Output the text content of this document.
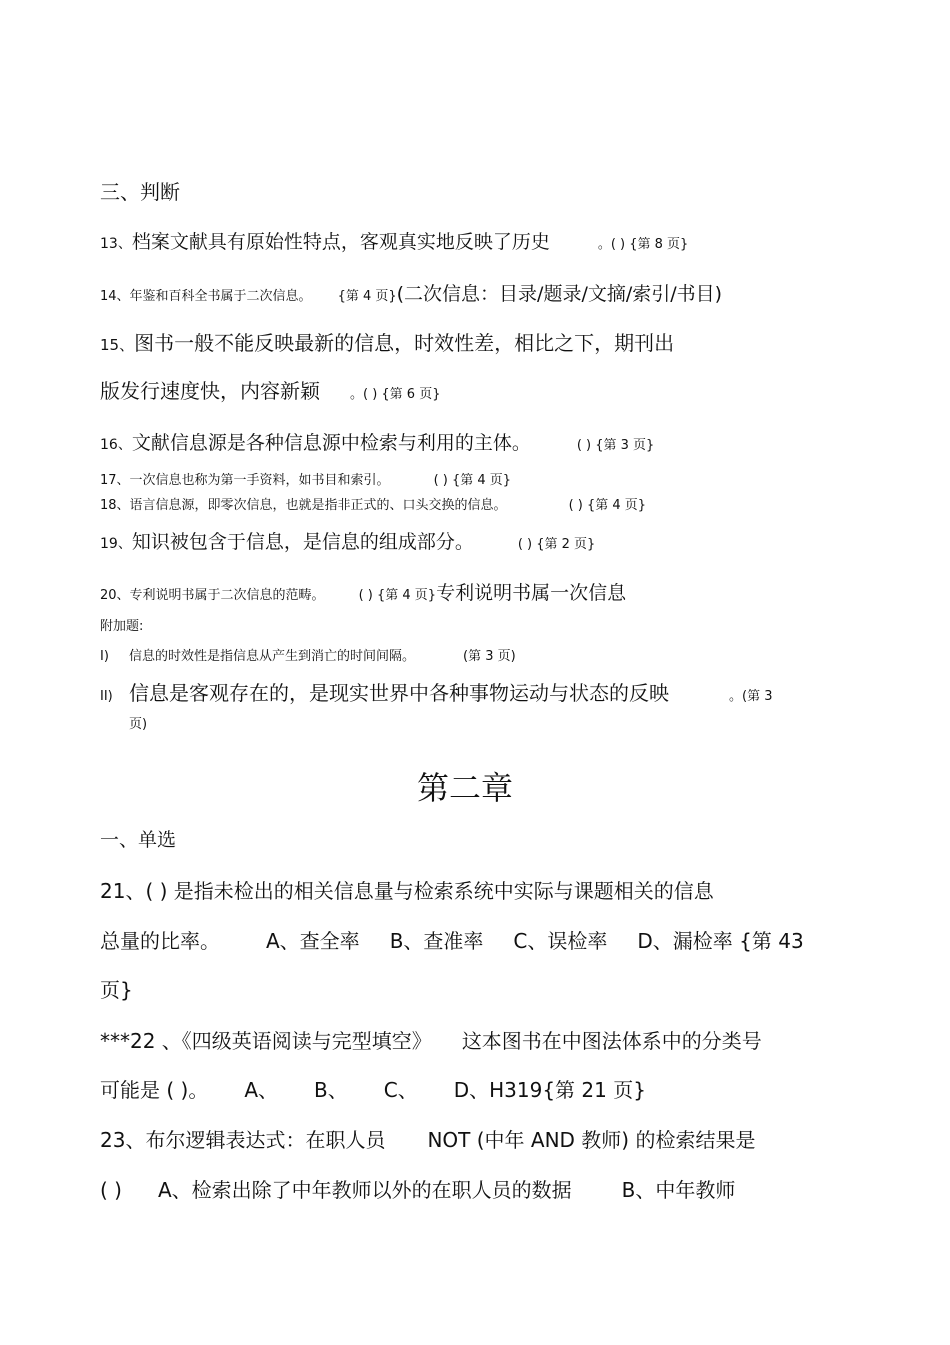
三、判断
13、档案文献具有原始性特点，客观真实地反映了历史	。( ) {第 8 页}
14、年鉴和百科全书属于二次信息。 {第 4 页}(二次信息：目录/题录/文摘/索引/书目)
15、图书一般不能反映最新的信息，时效性差，相比之下，期刊出
版发行速度快，内容新颖 。( ) {第 6 页}
16、文献信息源是各种信息源中检索与利用的主体。	( ) {第 3 页}
17、一次信息也称为第一手资料，如书目和索引。	( ) {第 4 页}
18、语言信息源，即零次信息，也就是指非正式的、口头交换的信息。	( ) {第 4 页}
19、知识被包含于信息，是信息的组成部分。	( ) {第 2 页}
20、专利说明书属于二次信息的范畴。	( ) {第 4 页}专利说明书属一次信息
附加题:
I) 信息的时效性是指信息从产生到消亡的时间间隔。	(第 3 页)
II) 信息是客观存在的，是现实世界中各种事物运动与状态的反映	。(第 3
页)
第二章
一、单选
21、( ) 是指未检出的相关信息量与检索系统中实际与课题相关的信息
总量的比率。 A、查全率 B、查准率 C、误检率 D、漏检率 {第 43
页}
***22 、《四级英语阅读与完型填空》 这本图书在中图法体系中的分类号
可能是 ( )。 A、 B、 C、 D、H319{第 21 页}
23、布尔逻辑表达式：在职人员 NOT (中年 AND 教师) 的检索结果是
( ) A、检索出除了中年教师以外的在职人员的数据	B、中年教师
